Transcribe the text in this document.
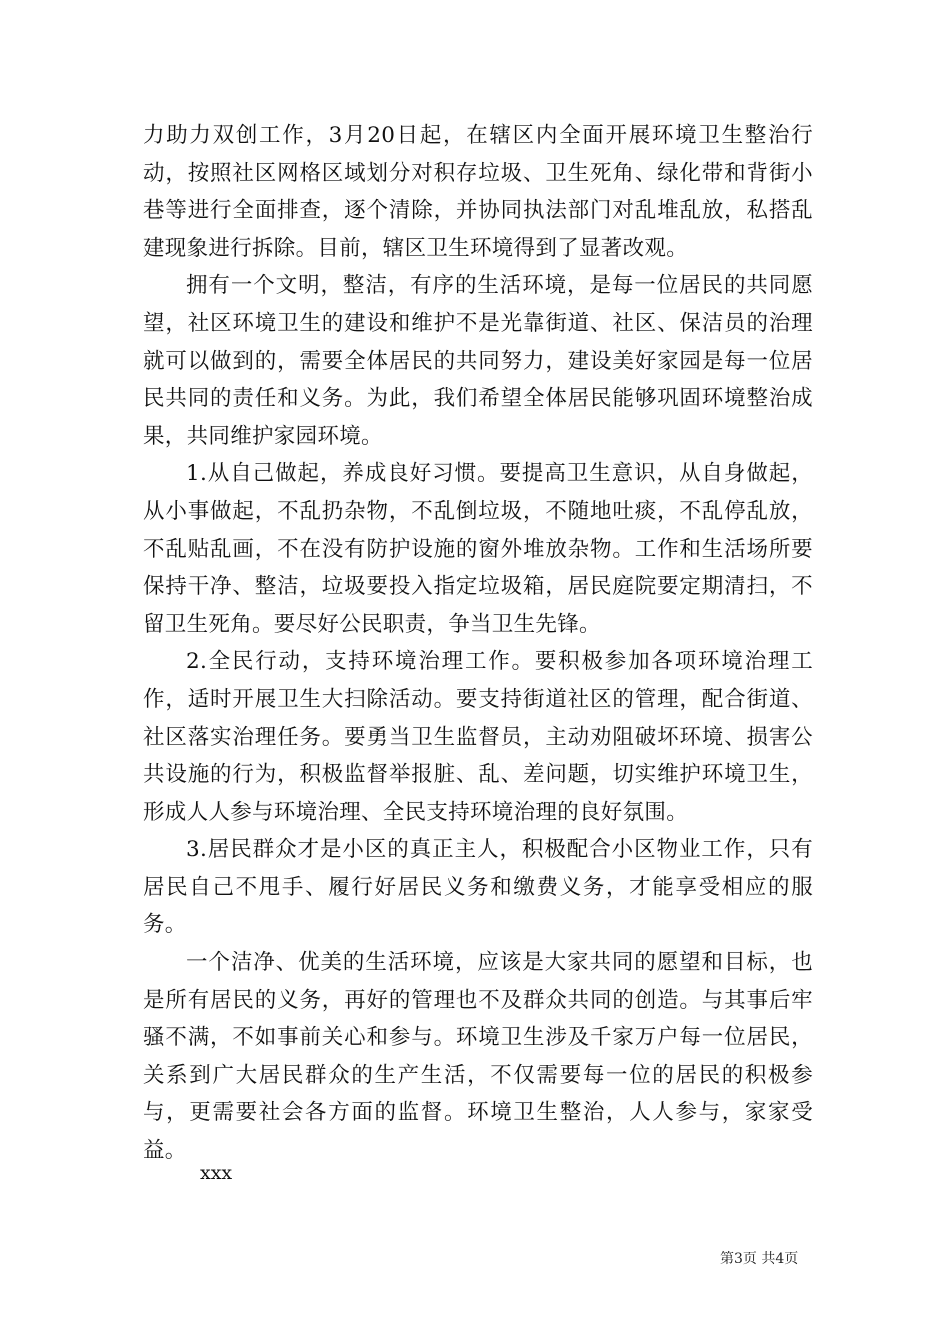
力助力双创工作，3月20日起，在辖区内全面开展环境卫生整治行动，按照社区网格区域划分对积存垃圾、卫生死角、绿化带和背街小巷等进行全面排查，逐个清除，并协同执法部门对乱堆乱放，私搭乱建现象进行拆除。目前，辖区卫生环境得到了显著改观。

拥有一个文明，整洁，有序的生活环境，是每一位居民的共同愿望，社区环境卫生的建设和维护不是光靠街道、社区、保洁员的治理就可以做到的，需要全体居民的共同努力，建设美好家园是每一位居民共同的责任和义务。为此，我们希望全体居民能够巩固环境整治成果，共同维护家园环境。

1.从自己做起，养成良好习惯。要提高卫生意识，从自身做起，从小事做起，不乱扔杂物，不乱倒垃圾，不随地吐痰，不乱停乱放，不乱贴乱画，不在没有防护设施的窗外堆放杂物。工作和生活场所要保持干净、整洁，垃圾要投入指定垃圾箱，居民庭院要定期清扫，不留卫生死角。要尽好公民职责，争当卫生先锋。

2.全民行动，支持环境治理工作。要积极参加各项环境治理工作，适时开展卫生大扫除活动。要支持街道社区的管理，配合街道、社区落实治理任务。要勇当卫生监督员，主动劝阻破坏环境、损害公共设施的行为，积极监督举报脏、乱、差问题，切实维护环境卫生，形成人人参与环境治理、全民支持环境治理的良好氛围。

3.居民群众才是小区的真正主人，积极配合小区物业工作，只有居民自己不甩手、履行好居民义务和缴费义务，才能享受相应的服务。

一个洁净、优美的生活环境，应该是大家共同的愿望和目标，也是所有居民的义务，再好的管理也不及群众共同的创造。与其事后牢骚不满，不如事前关心和参与。环境卫生涉及千家万户每一位居民，关系到广大居民群众的生产生活，不仅需要每一位的居民的积极参与，更需要社会各方面的监督。环境卫生整治，人人参与，家家受益。

xxx
第3页 共4页
